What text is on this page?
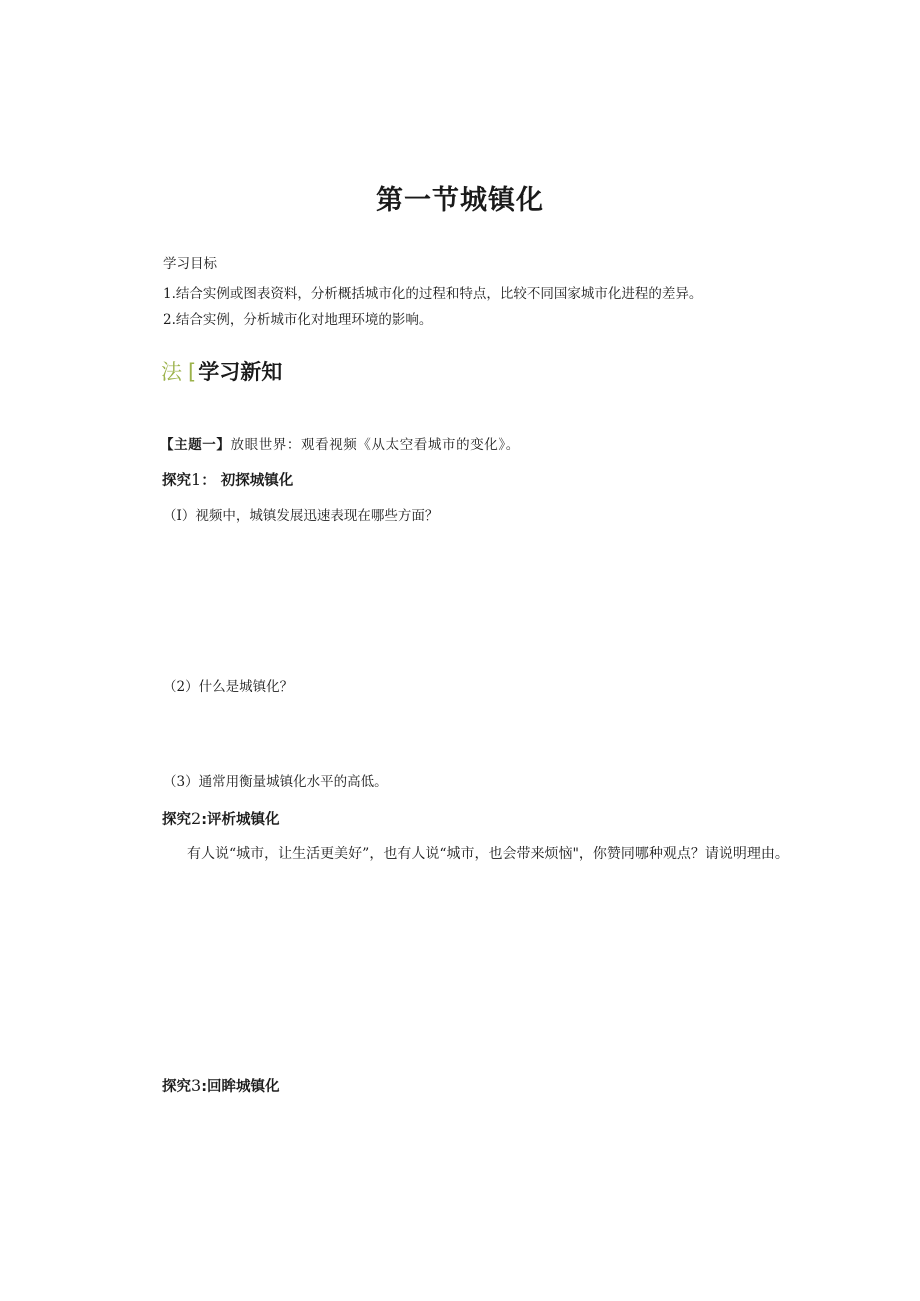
第一节城镇化
学习目标
1.结合实例或图表资料，分析概括城市化的过程和特点，比较不同国家城市化进程的差异。
2.结合实例，分析城市化对地理环境的影响。
法 [学习新知
【主题一】放眼世界：观看视频《从太空看城市的变化》。
探究1： 初探城镇化
（I）视频中，城镇发展迅速表现在哪些方面？
（2）什么是城镇化？
（3）通常用衡量城镇化水平的高低。
探究2:评析城镇化
有人说“城市，让生活更美好”，也有人说“城市，也会带来烦恼"，你赞同哪种观点？请说明理由。
探究3:回眸城镇化
